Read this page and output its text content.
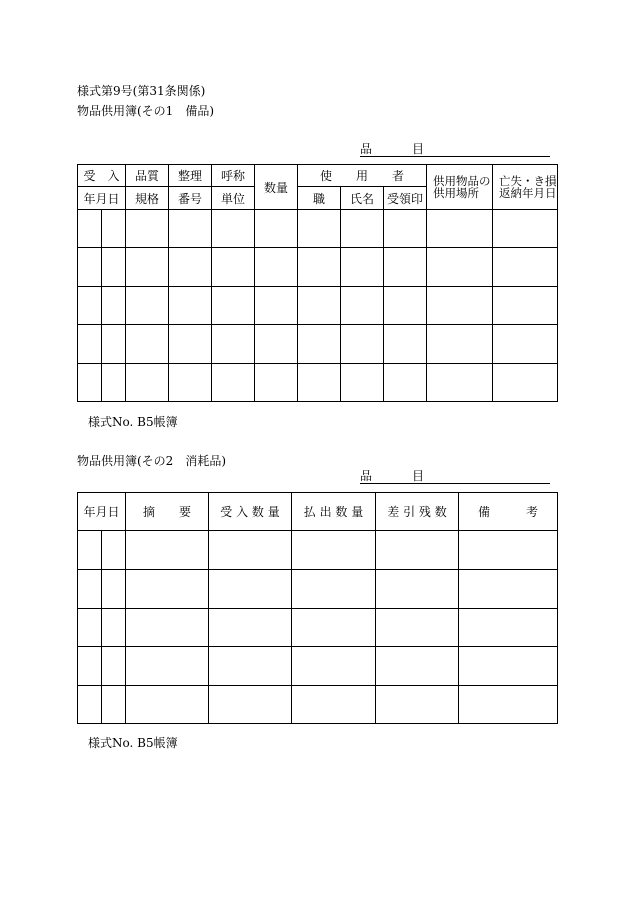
様式第9号(第31条関係)
物品供用簿(その1　備品)
品　目
受　入		品質	整理	呼称	数量	使　　用　　者			供用物品の供用場所	亡失・き損返納年月日
年月日		規格	番号	単位		職	氏名	受領印		

様式No. B5帳簿
物品供用簿(その2　消耗品)
品　目
年月日		摘　　要	受 入 数 量	払 出 数 量	差 引 残 数	備　　　考

様式No. B5帳簿
